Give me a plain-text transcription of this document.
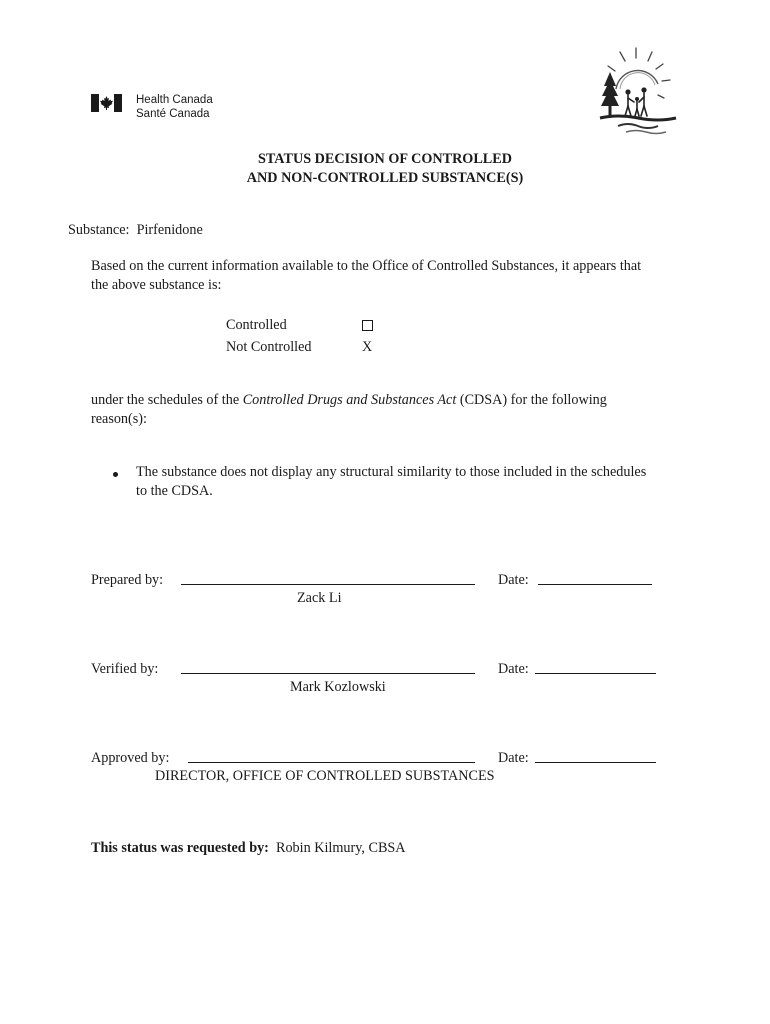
Health Canada
Santé Canada
STATUS DECISION OF CONTROLLED
AND NON-CONTROLLED SUBSTANCE(S)
Substance: Pirfenidone
Based on the current information available to the Office of Controlled Substances, it appears that
the above substance is:
Controlled
Not Controlled	X
under the schedules of the Controlled Drugs and Substances Act (CDSA) for the following
reason(s):
The substance does not display any structural similarity to those included in the schedules
to the CDSA.
Prepared by:	Date:
Zack Li
Verified by:	Date:
Mark Kozlowski
Approved by:	Date:
DIRECTOR, OFFICE OF CONTROLLED SUBSTANCES
This status was requested by: Robin Kilmury, CBSA
